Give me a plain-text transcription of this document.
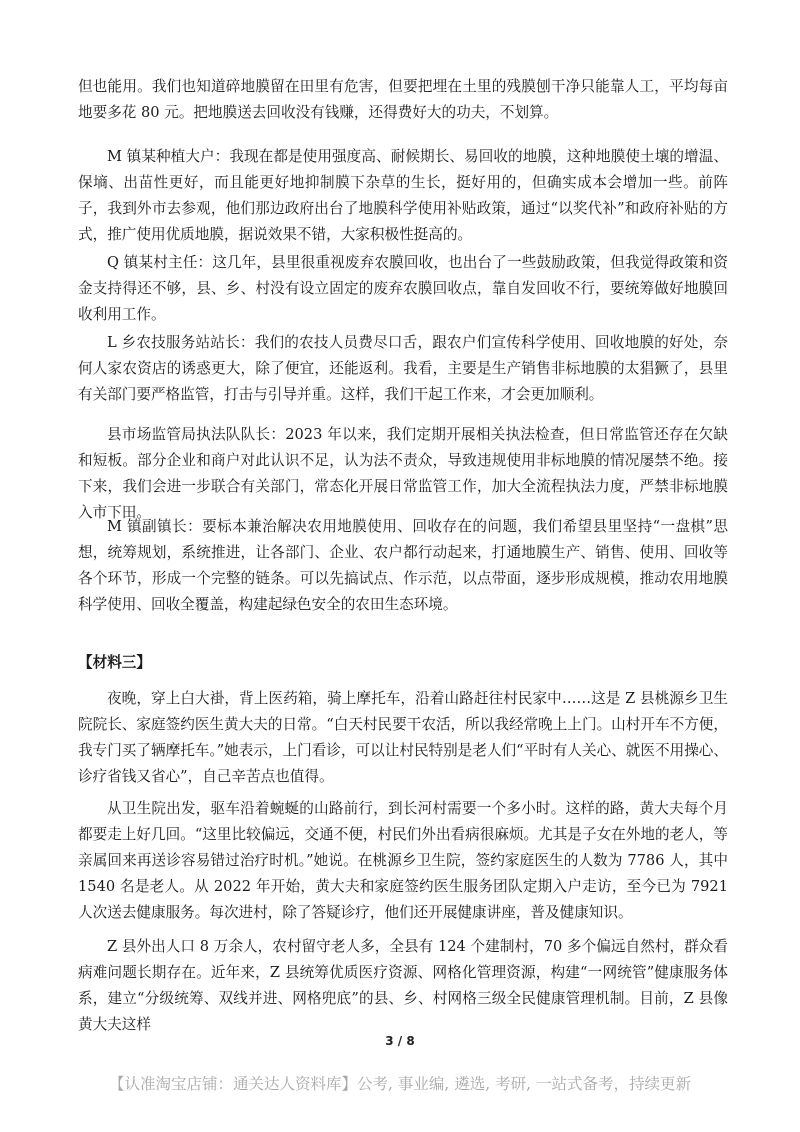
但也能用。我们也知道碎地膜留在田里有危害，但要把埋在土里的残膜刨干净只能靠人工，平均每亩地要多花 80 元。把地膜送去回收没有钱赚，还得费好大的功夫，不划算。

M 镇某种植大户：我现在都是使用强度高、耐候期长、易回收的地膜，这种地膜使土壤的增温、保墒、出苗性更好，而且能更好地抑制膜下杂草的生长，挺好用的，但确实成本会增加一些。前阵子，我到外市去参观，他们那边政府出台了地膜科学使用补贴政策，通过“以奖代补”和政府补贴的方式，推广使用优质地膜，据说效果不错，大家积极性挺高的。

Q 镇某村主任：这几年，县里很重视废弃农膜回收，也出台了一些鼓励政策，但我觉得政策和资金支持得还不够，县、乡、村没有设立固定的废弃农膜回收点，靠自发回收不行，要统筹做好地膜回收利用工作。

L 乡农技服务站站长：我们的农技人员费尽口舌，跟农户们宣传科学使用、回收地膜的好处，奈何人家农资店的诱惑更大，除了便宜，还能返利。我看，主要是生产销售非标地膜的太猖獗了，县里有关部门要严格监管，打击与引导并重。这样，我们干起工作来，才会更加顺利。

县市场监管局执法队队长：2023 年以来，我们定期开展相关执法检查，但日常监管还存在欠缺和短板。部分企业和商户对此认识不足，认为法不责众，导致违规使用非标地膜的情况屡禁不绝。接下来，我们会进一步联合有关部门，常态化开展日常监管工作，加大全流程执法力度，严禁非标地膜入市下田。

M 镇副镇长：要标本兼治解决农用地膜使用、回收存在的问题，我们希望县里坚持“一盘棋”思想，统筹规划，系统推进，让各部门、企业、农户都行动起来，打通地膜生产、销售、使用、回收等各个环节，形成一个完整的链条。可以先搞试点、作示范，以点带面，逐步形成规模，推动农用地膜科学使用、回收全覆盖，构建起绿色安全的农田生态环境。

【材料三】

夜晚，穿上白大褂，背上医药箱，骑上摩托车，沿着山路赶往村民家中……这是 Z 县桃源乡卫生院院长、家庭签约医生黄大夫的日常。“白天村民要干农活，所以我经常晚上上门。山村开车不方便，我专门买了辆摩托车。”她表示，上门看诊，可以让村民特别是老人们“平时有人关心、就医不用操心、诊疗省钱又省心”，自己辛苦点也值得。

从卫生院出发，驱车沿着蜿蜒的山路前行，到长河村需要一个多小时。这样的路，黄大夫每个月都要走上好几回。“这里比较偏远，交通不便，村民们外出看病很麻烦。尤其是子女在外地的老人，等亲属回来再送诊容易错过治疗时机。”她说。在桃源乡卫生院，签约家庭医生的人数为 7786 人，其中 1540 名是老人。从 2022 年开始，黄大夫和家庭签约医生服务团队定期入户走访，至今已为 7921 人次送去健康服务。每次进村，除了答疑诊疗，他们还开展健康讲座，普及健康知识。

Z 县外出人口 8 万余人，农村留守老人多，全县有 124 个建制村，70 多个偏远自然村，群众看病难问题长期存在。近年来，Z 县统筹优质医疗资源、网格化管理资源，构建“一网统管”健康服务体系，建立“分级统筹、双线并进、网格兜底”的县、乡、村网格三级全民健康管理机制。目前，Z 县像黄大夫这样

3 / 8
【认准淘宝店铺：通关达人资料库】公考, 事业编, 遴选, 考研, 一站式备考，持续更新
